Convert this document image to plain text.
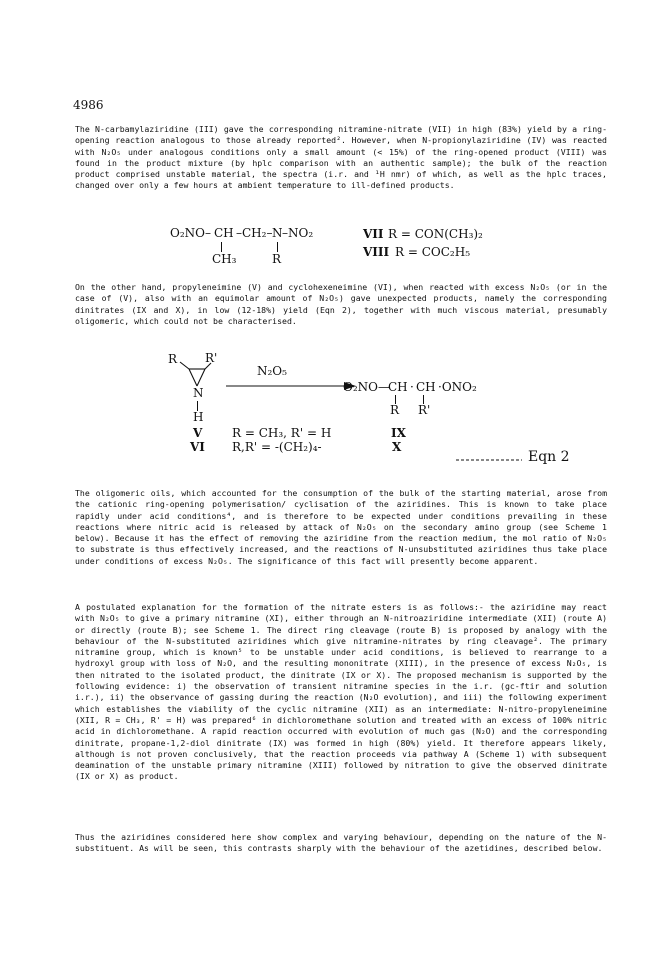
4986

The N-carbamylaziridine (III) gave the corresponding nitramine-nitrate (VII) in high (83%) yield by a ring-opening reaction analogous to those already reported². However, when N-propionylaziridine (IV) was reacted with N₂O₅ under analogous conditions only a small amount (< 15%) of the ring-opened product (VIII) was found in the product mixture (by hplc comparison with an authentic sample); the bulk of the reaction product comprised unstable material, the spectra (i.r. and ¹H nmr) of which, as well as the hplc traces, changed over only a few hours at ambient temperature to ill-defined products.

O₂NO– CH –CH₂– N –NO₂
CH₃	R
VII R = CON(CH₃)₂
VIII R = COC₂H₅

On the other hand, propyleneimine (V) and cyclohexeneimine (VI), when reacted with excess N₂O₅ (or in the case of (V), also with an equimolar amount of N₂O₅) gave unexpected products, namely the corresponding dinitrates (IX and X), in low (12-18%) yield (Eqn 2), together with much viscous material, presumably oligomeric, which could not be characterised.

R R'
N
H
N₂O₅
O₂NO—
CH · CH ·ONO₂
R R'
V
VI
R = CH₃, R' = H
R,R' = -(CH₂)₄-
IX
X
Eqn 2

The oligomeric oils, which accounted for the consumption of the bulk of the starting material, arose from the cationic ring-opening polymerisation/ cyclisation of the aziridines. This is known to take place rapidly under acid conditions⁴, and is therefore to be expected under conditions prevailing in these reactions where nitric acid is released by attack of N₂O₅ on the secondary amino group (see Scheme 1 below). Because it has the effect of removing the aziridine from the reaction medium, the mol ratio of N₂O₅ to substrate is thus effectively increased, and the reactions of N-unsubstituted aziridines thus take place under conditions of excess N₂O₅. The significance of this fact will presently become apparent.

A postulated explanation for the formation of the nitrate esters is as follows:- the aziridine may react with N₂O₅ to give a primary nitramine (XI), either through an N-nitroaziridine intermediate (XII) (route A) or directly (route B); see Scheme 1. The direct ring cleavage (route B) is proposed by analogy with the behaviour of the N-substituted aziridines which give nitramine-nitrates by ring cleavage². The primary nitramine group, which is known⁵ to be unstable under acid conditions, is believed to rearrange to a hydroxyl group with loss of N₂O, and the resulting mononitrate (XIII), in the presence of excess N₂O₅, is then nitrated to the isolated product, the dinitrate (IX or X). The proposed mechanism is supported by the following evidence: i) the observation of transient nitramine species in the i.r. (gc-ftir and solution i.r.), ii) the observance of gassing during the reaction (N₂O evolution), and iii) the following experiment which establishes the viability of the cyclic nitramine (XII) as an intermediate: N-nitro-propyleneimine (XII, R = CH₃, R' = H) was prepared⁶ in dichloromethane solution and treated with an excess of 100% nitric acid in dichloromethane. A rapid reaction occurred with evolution of much gas (N₂O) and the corresponding dinitrate, propane-1,2-diol dinitrate (IX) was formed in high (80%) yield. It therefore appears likely, although is not proven conclusively, that the reaction proceeds via pathway A (Scheme 1) with subsequent deamination of the unstable primary nitramine (XIII) followed by nitration to give the observed dinitrate (IX or X) as product.

Thus the aziridines considered here show complex and varying behaviour, depending on the nature of the N-substituent. As will be seen, this contrasts sharply with the behaviour of the azetidines, described below.
